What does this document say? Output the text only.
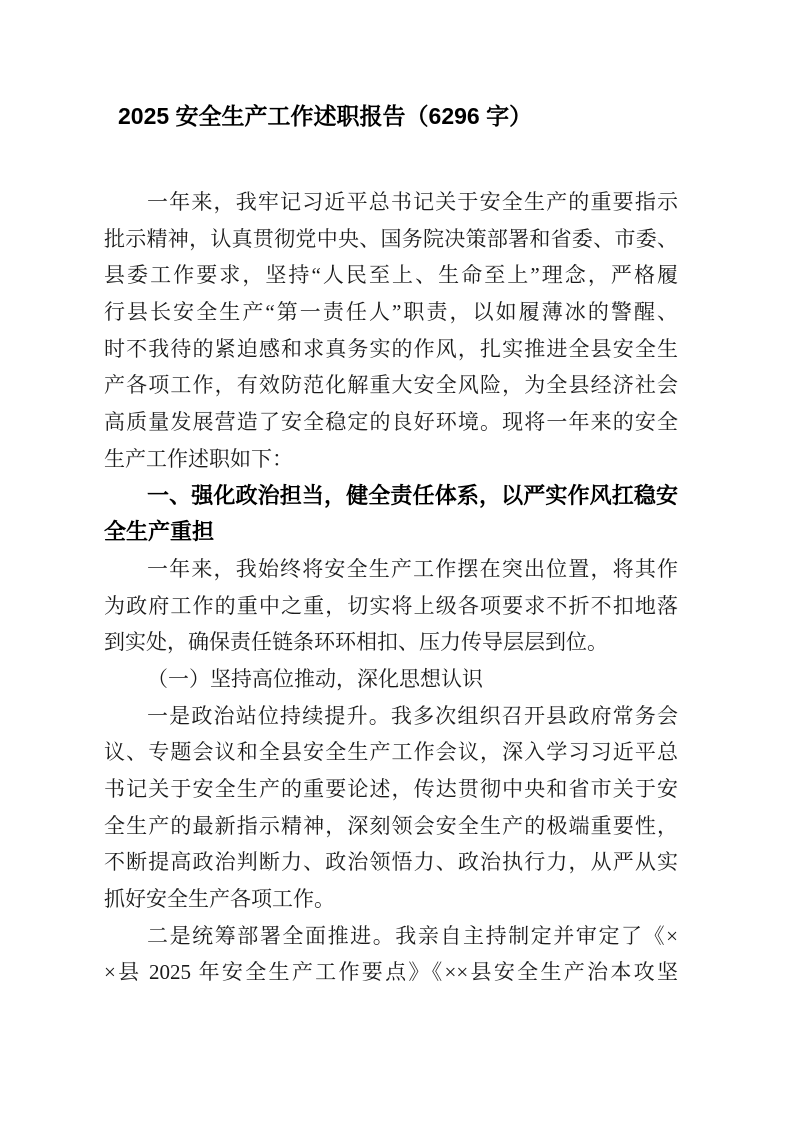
2025 安全生产工作述职报告（6296 字）
一年来，我牢记习近平总书记关于安全生产的重要指示
批示精神，认真贯彻党中央、国务院决策部署和省委、市委、
县委工作要求，坚持“人民至上、生命至上”理念，严格履
行县长安全生产“第一责任人”职责，以如履薄冰的警醒、
时不我待的紧迫感和求真务实的作风，扎实推进全县安全生
产各项工作，有效防范化解重大安全风险，为全县经济社会
高质量发展营造了安全稳定的良好环境。现将一年来的安全
生产工作述职如下：
一、强化政治担当，健全责任体系，以严实作风扛稳安
全生产重担
一年来，我始终将安全生产工作摆在突出位置，将其作
为政府工作的重中之重，切实将上级各项要求不折不扣地落
到实处，确保责任链条环环相扣、压力传导层层到位。
（一）坚持高位推动，深化思想认识
一是政治站位持续提升。我多次组织召开县政府常务会
议、专题会议和全县安全生产工作会议，深入学习习近平总
书记关于安全生产的重要论述，传达贯彻中央和省市关于安
全生产的最新指示精神，深刻领会安全生产的极端重要性，
不断提高政治判断力、政治领悟力、政治执行力，从严从实
抓好安全生产各项工作。
二是统筹部署全面推进。我亲自主持制定并审定了《×
×县 2025 年安全生产工作要点》《××县安全生产治本攻坚
